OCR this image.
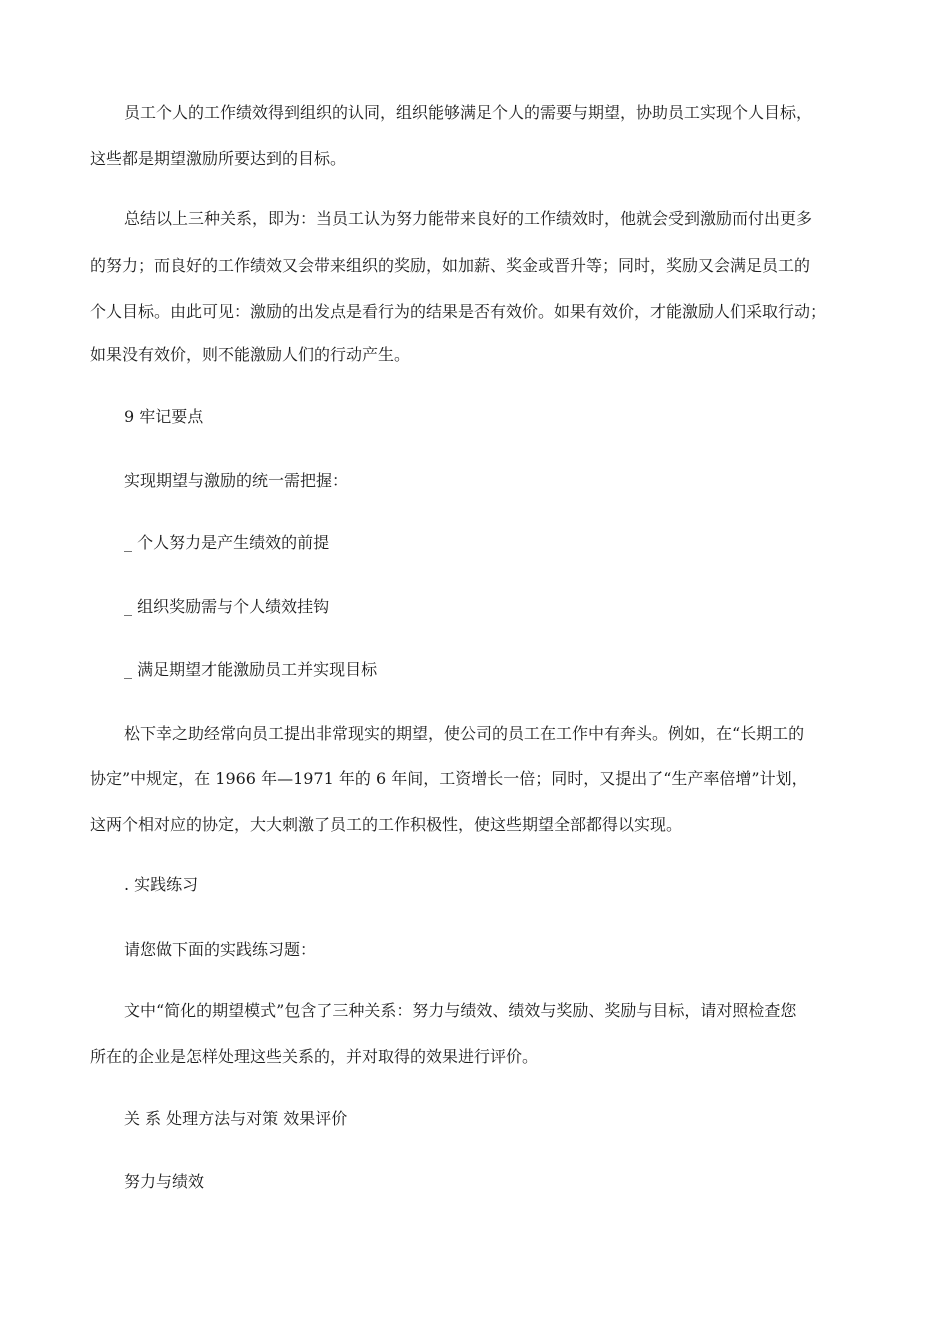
员工个人的工作绩效得到组织的认同，组织能够满足个人的需要与期望，协助员工实现个人目标，
这些都是期望激励所要达到的目标。
总结以上三种关系，即为：当员工认为努力能带来良好的工作绩效时，他就会受到激励而付出更多
的努力；而良好的工作绩效又会带来组织的奖励，如加薪、奖金或晋升等；同时，奖励又会满足员工的
个人目标。由此可见：激励的出发点是看行为的结果是否有效价。如果有效价，才能激励人们采取行动；
如果没有效价，则不能激励人们的行动产生。
9 牢记要点
实现期望与激励的统一需把握：
_ 个人努力是产生绩效的前提
_ 组织奖励需与个人绩效挂钩
_ 满足期望才能激励员工并实现目标
松下幸之助经常向员工提出非常现实的期望，使公司的员工在工作中有奔头。例如，在“长期工的
协定”中规定，在 1966 年—1971 年的 6 年间，工资增长一倍；同时，又提出了“生产率倍增”计划，
这两个相对应的协定，大大刺激了员工的工作积极性，使这些期望全部都得以实现。
. 实践练习
请您做下面的实践练习题：
文中“简化的期望模式”包含了三种关系：努力与绩效、绩效与奖励、奖励与目标，请对照检查您
所在的企业是怎样处理这些关系的，并对取得的效果进行评价。
关 系 处理方法与对策 效果评价
努力与绩效
